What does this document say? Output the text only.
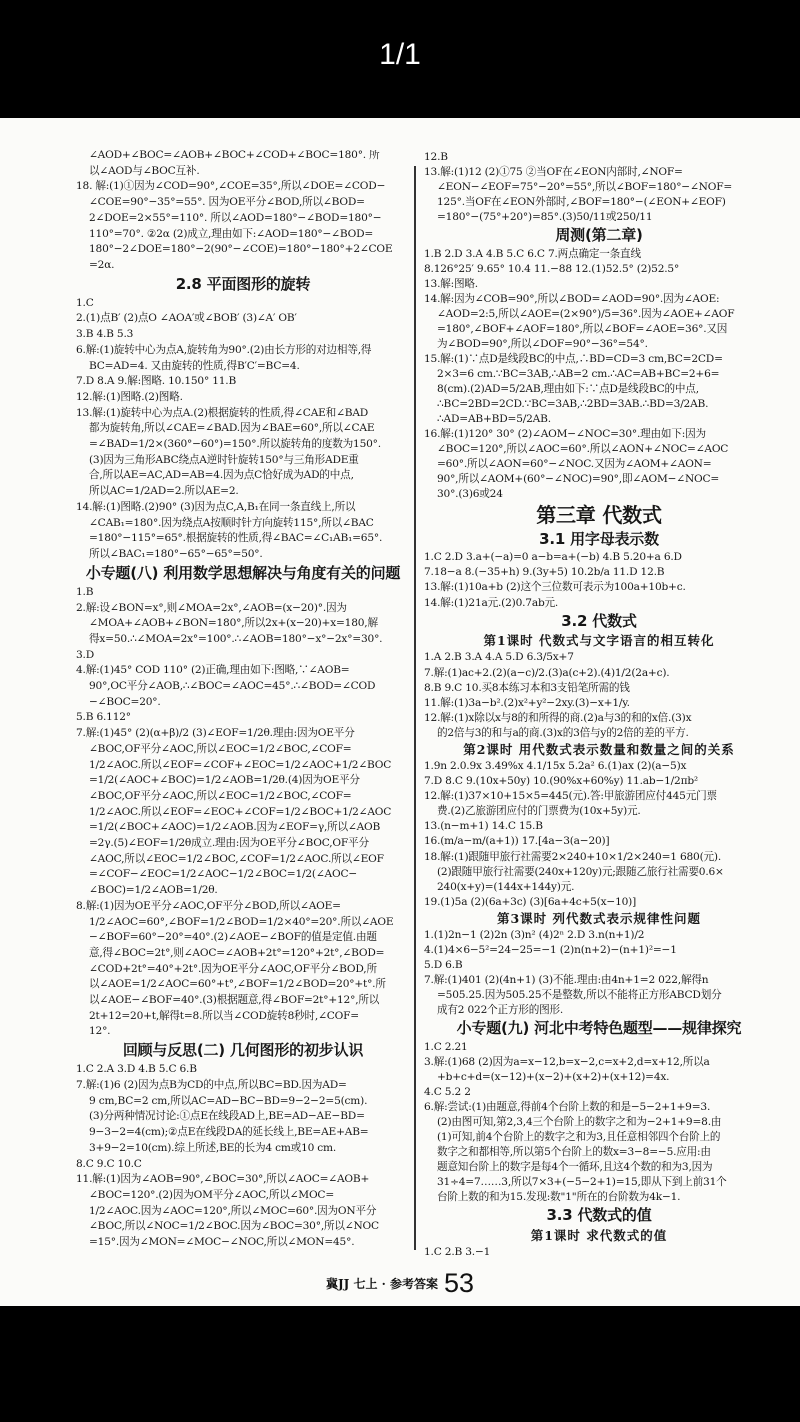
1/1
∠AOD+∠BOC=∠AOB+∠BOC+∠COD+∠BOC=180°. 所
以∠AOD与∠BOC互补.
18. 解:(1)①因为∠COD=90°,∠COE=35°,所以∠DOE=∠COD−
∠COE=90°−35°=55°. 因为OE平分∠BOD,所以∠BOD=
2∠DOE=2×55°=110°. 所以∠AOD=180°−∠BOD=180°−
110°=70°. ②2α (2)成立,理由如下:∠AOD=180°−∠BOD=
180°−2∠DOE=180°−2(90°−∠COE)=180°−180°+2∠COE
=2α.
2.8 平面图形的旋转
1.C
2.(1)点B′ (2)点O ∠AOA′或∠BOB′ (3)∠A′ OB′
3.B 4.B 5.3
6.解:(1)旋转中心为点A,旋转角为90°.(2)由长方形的对边相等,得
BC=AD=4. 又由旋转的性质,得B′C′=BC=4.
7.D 8.A 9.解:图略. 10.150° 11.B
12.解:(1)图略.(2)图略.
13.解:(1)旋转中心为点A.(2)根据旋转的性质,得∠CAE和∠BAD
都为旋转角,所以∠CAE=∠BAD.因为∠BAE=60°,所以∠CAE
=∠BAD=1/2×(360°−60°)=150°.所以旋转角的度数为150°.
(3)因为三角形ABC绕点A逆时针旋转150°与三角形ADE重
合,所以AE=AC,AD=AB=4.因为点C恰好成为AD的中点,
所以AC=1/2AD=2.所以AE=2.
14.解:(1)图略.(2)90° (3)因为点C,A,B₁在同一条直线上,所以
∠CAB₁=180°.因为绕点A按顺时针方向旋转115°,所以∠BAC
=180°−115°=65°.根据旋转的性质,得∠BAC=∠C₁AB₁=65°.
所以∠BAC₁=180°−65°−65°=50°.
小专题(八) 利用数学思想解决与角度有关的问题
1.B
2.解:设∠BON=x°,则∠MOA=2x°,∠AOB=(x−20)°.因为
∠MOA+∠AOB+∠BON=180°,所以2x+(x−20)+x=180,解
得x=50.∴∠MOA=2x°=100°.∴∠AOB=180°−x°−2x°=30°.
3.D
4.解:(1)45° COD 110° (2)正确,理由如下:图略,∵∠AOB=
90°,OC平分∠AOB,∴∠BOC=∠AOC=45°.∴∠BOD=∠COD
−∠BOC=20°.
5.B 6.112°
7.解:(1)45° (2)(α+β)/2 (3)∠EOF=1/2θ.理由:因为OE平分
∠BOC,OF平分∠AOC,所以∠EOC=1/2∠BOC,∠COF=
1/2∠AOC.所以∠EOF=∠COF+∠EOC=1/2∠AOC+1/2∠BOC
=1/2(∠AOC+∠BOC)=1/2∠AOB=1/2θ.(4)因为OE平分
∠BOC,OF平分∠AOC,所以∠EOC=1/2∠BOC,∠COF=
1/2∠AOC.所以∠EOF=∠EOC+∠COF=1/2∠BOC+1/2∠AOC
=1/2(∠BOC+∠AOC)=1/2∠AOB.因为∠EOF=γ,所以∠AOB
=2γ.(5)∠EOF=1/2θ成立.理由:因为OE平分∠BOC,OF平分
∠AOC,所以∠EOC=1/2∠BOC,∠COF=1/2∠AOC.所以∠EOF
=∠COF−∠EOC=1/2∠AOC−1/2∠BOC=1/2(∠AOC−
∠BOC)=1/2∠AOB=1/2θ.
8.解:(1)因为OE平分∠AOC,OF平分∠BOD,所以∠AOE=
1/2∠AOC=60°,∠BOF=1/2∠BOD=1/2×40°=20°.所以∠AOE
−∠BOF=60°−20°=40°.(2)∠AOE−∠BOF的值是定值.由题
意,得∠BOC=2t°,则∠AOC=∠AOB+2t°=120°+2t°,∠BOD=
∠COD+2t°=40°+2t°.因为OE平分∠AOC,OF平分∠BOD,所
以∠AOE=1/2∠AOC=60°+t°,∠BOF=1/2∠BOD=20°+t°.所
以∠AOE−∠BOF=40°.(3)根据题意,得∠BOF=2t°+12°,所以
2t+12=20+t,解得t=8.所以当∠COD旋转8秒时,∠COF=
12°.
回顾与反思(二) 几何图形的初步认识
1.C 2.A 3.D 4.B 5.C 6.B
7.解:(1)6 (2)因为点B为CD的中点,所以BC=BD.因为AD=
9 cm,BC=2 cm,所以AC=AD−BC−BD=9−2−2=5(cm).
(3)分两种情况讨论:①点E在线段AD上,BE=AD−AE−BD=
9−3−2=4(cm);②点E在线段DA的延长线上,BE=AE+AB=
3+9−2=10(cm).综上所述,BE的长为4 cm或10 cm.
8.C 9.C 10.C
11.解:(1)因为∠AOB=90°,∠BOC=30°,所以∠AOC=∠AOB+
∠BOC=120°.(2)因为OM平分∠AOC,所以∠MOC=
1/2∠AOC.因为∠AOC=120°,所以∠MOC=60°.因为ON平分
∠BOC,所以∠NOC=1/2∠BOC.因为∠BOC=30°,所以∠NOC
=15°.因为∠MON=∠MOC−∠NOC,所以∠MON=45°.
12.B
13.解:(1)12 (2)①75 ②当OF在∠EON内部时,∠NOF=
∠EON−∠EOF=75°−20°=55°,所以∠BOF=180°−∠NOF=
125°.当OF在∠EON外部时,∠BOF=180°−(∠EON+∠EOF)
=180°−(75°+20°)=85°.(3)50/11或250/11
周测(第二章)
1.B 2.D 3.A 4.B 5.C 6.C 7.两点确定一条直线
8.126°25′ 9.65° 10.4 11.−88 12.(1)52.5° (2)52.5°
13.解:图略.
14.解:因为∠COB=90°,所以∠BOD=∠AOD=90°.因为∠AOE:
∠AOD=2:5,所以∠AOE=(2×90°)/5=36°.因为∠AOE+∠AOF
=180°,∠BOF+∠AOF=180°,所以∠BOF=∠AOE=36°.又因
为∠BOD=90°,所以∠DOF=90°−36°=54°.
15.解:(1)∵点D是线段BC的中点,∴BD=CD=3 cm,BC=2CD=
2×3=6 cm.∵BC=3AB,∴AB=2 cm.∴AC=AB+BC=2+6=
8(cm).(2)AD=5/2AB,理由如下:∵点D是线段BC的中点,
∴BC=2BD=2CD.∵BC=3AB,∴2BD=3AB.∴BD=3/2AB.
∴AD=AB+BD=5/2AB.
16.解:(1)120° 30° (2)∠AOM−∠NOC=30°.理由如下:因为
∠BOC=120°,所以∠AOC=60°.所以∠AON+∠NOC=∠AOC
=60°.所以∠AON=60°−∠NOC.又因为∠AOM+∠AON=
90°,所以∠AOM+(60°−∠NOC)=90°,即∠AOM−∠NOC=
30°.(3)6或24
第三章 代数式
3.1 用字母表示数
1.C 2.D 3.a+(−a)=0 a−b=a+(−b) 4.B 5.20+a 6.D
7.18−a 8.(−35+h) 9.(3y+5) 10.2b/a 11.D 12.B
13.解:(1)10a+b (2)这个三位数可表示为100a+10b+c.
14.解:(1)21a元.(2)0.7ab元.
3.2 代数式
第1课时 代数式与文字语言的相互转化
1.A 2.B 3.A 4.A 5.D 6.3/5x+7
7.解:(1)ac+2.(2)(a−c)/2.(3)a(c+2).(4)1/2(2a+c).
8.B 9.C 10.买8本练习本和3支铅笔所需的钱
11.解:(1)3a−b².(2)x²+y²−2xy.(3)−x+1/y.
12.解:(1)x除以x与8的和所得的商.(2)a与3的和的x倍.(3)x
的2倍与3的和与a的商.(3)x的3倍与y的2倍的差的平方.
第2课时 用代数式表示数量和数量之间的关系
1.9n 2.0.9x 3.49%x 4.1/15x 5.2a² 6.(1)ax (2)(a−5)x
7.D 8.C 9.(10x+50y) 10.(90%x+60%y) 11.ab−1/2πb²
12.解:(1)37×10+15×5=445(元).答:甲旅游团应付445元门票
费.(2)乙旅游团应付的门票费为(10x+5y)元.
13.(n−m+1) 14.C 15.B
16.(m/a−m/(a+1)) 17.[4a−3(a−20)]
18.解:(1)跟随甲旅行社需要2×240+10×1/2×240=1 680(元).
(2)跟随甲旅行社需要(240x+120y)元;跟随乙旅行社需要0.6×
240(x+y)=(144x+144y)元.
19.(1)5a (2)(6a+3c) (3)[6a+4c+5(x−10)]
第3课时 列代数式表示规律性问题
1.(1)2n−1 (2)2n (3)n² (4)2ⁿ 2.D 3.n(n+1)/2
4.(1)4×6−5²=24−25=−1 (2)n(n+2)−(n+1)²=−1
5.D 6.B
7.解:(1)401 (2)(4n+1) (3)不能.理由:由4n+1=2 022,解得n
=505.25.因为505.25不是整数,所以不能将正方形ABCD划分
成有2 022个正方形的图形.
小专题(九) 河北中考特色题型——规律探究
1.C 2.21
3.解:(1)68 (2)因为a=x−12,b=x−2,c=x+2,d=x+12,所以a
+b+c+d=(x−12)+(x−2)+(x+2)+(x+12)=4x.
4.C 5.2 2
6.解:尝试:(1)由题意,得前4个台阶上数的和是−5−2+1+9=3.
(2)由图可知,第2,3,4三个台阶上的数字之和为−2+1+9=8.由
(1)可知,前4个台阶上的数字之和为3,且任意相邻四个台阶上的
数字之和都相等,所以第5个台阶上的数x=3−8=−5.应用:由
题意知台阶上的数字是每4个一循环,且这4个数的和为3,因为
31÷4=7……3,所以7×3+(−5−2+1)=15,即从下到上前31个
台阶上数的和为15.发现:数"1"所在的台阶数为4k−1.
3.3 代数式的值
第1课时 求代数式的值
1.C 2.B 3.−1
冀JJ 七上 · 参考答案 53
